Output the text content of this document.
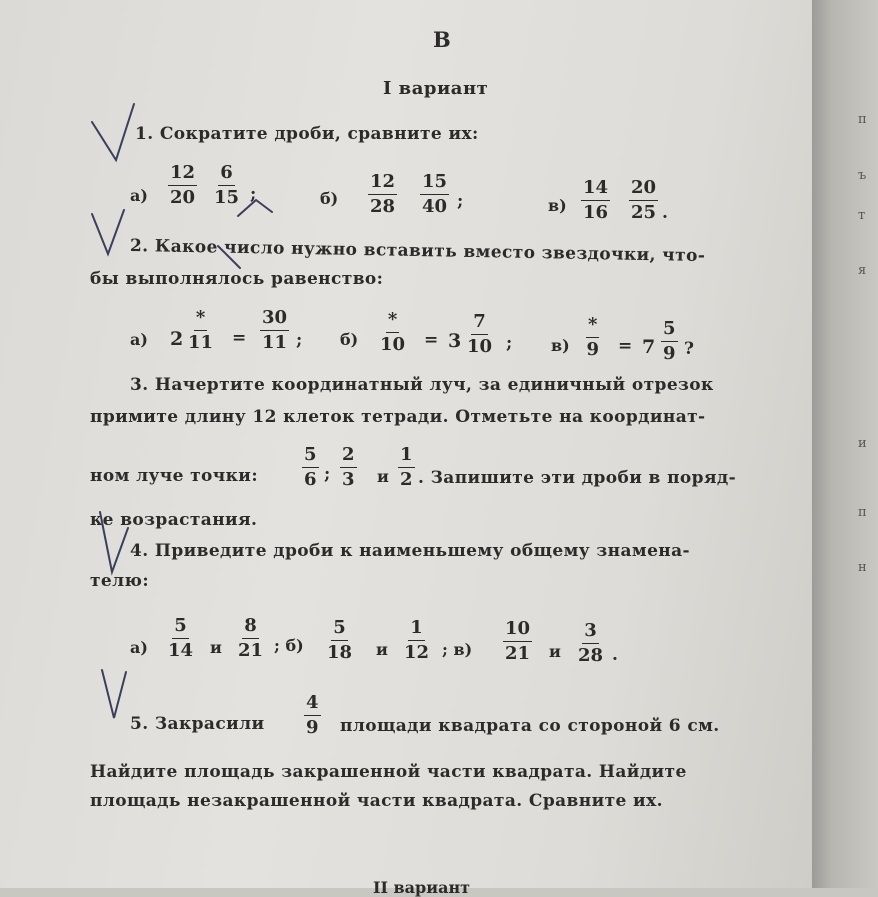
п
ъ
т
я
и
п
н
В
I вариант
1. Сократите дроби, сравните их:
$а) \frac{12}{20} \frac{6}{15}$ ;	$б) \frac{12}{28} \frac{15}{40}$ ;	$в) \frac{14}{16} \frac{20}{25}$ .
2. Какое число нужно вставить вместо звездочки, что-
бы выполнялось равенство:
а) 2
*
$11 = \frac{30}{11}$ ; б)
*
$10 = 3 \frac{7}{10}$ ; в)
*
$9 = 7 \frac{5}{9}$ ?
3. Начертите координатный луч, за единичный отрезок
примите длину 12 клеток тетради. Отметьте на координат-
ном луче точки: $\frac{5}{6}$ ; $\frac{2}{3}$ и $\frac{1}{2}$ . Запишите эти дроби в поряд-
ке возрастания.
4. Приведите дроби к наименьшему общему знамена-
телю:
$а) \frac{5}{14}$ и $\frac{8}{21}$ ; $б) \frac{5}{18}$ и $\frac{1}{12}$ ; $в) \frac{10}{21}$ и $\frac{3}{28}$ .
5. Закрасили $\frac{4}{9}$ площади квадрата со стороной 6 см.
Найдите площадь закрашенной части квадрата. Найдите
площадь незакрашенной части квадрата. Сравните их.
II вариант
